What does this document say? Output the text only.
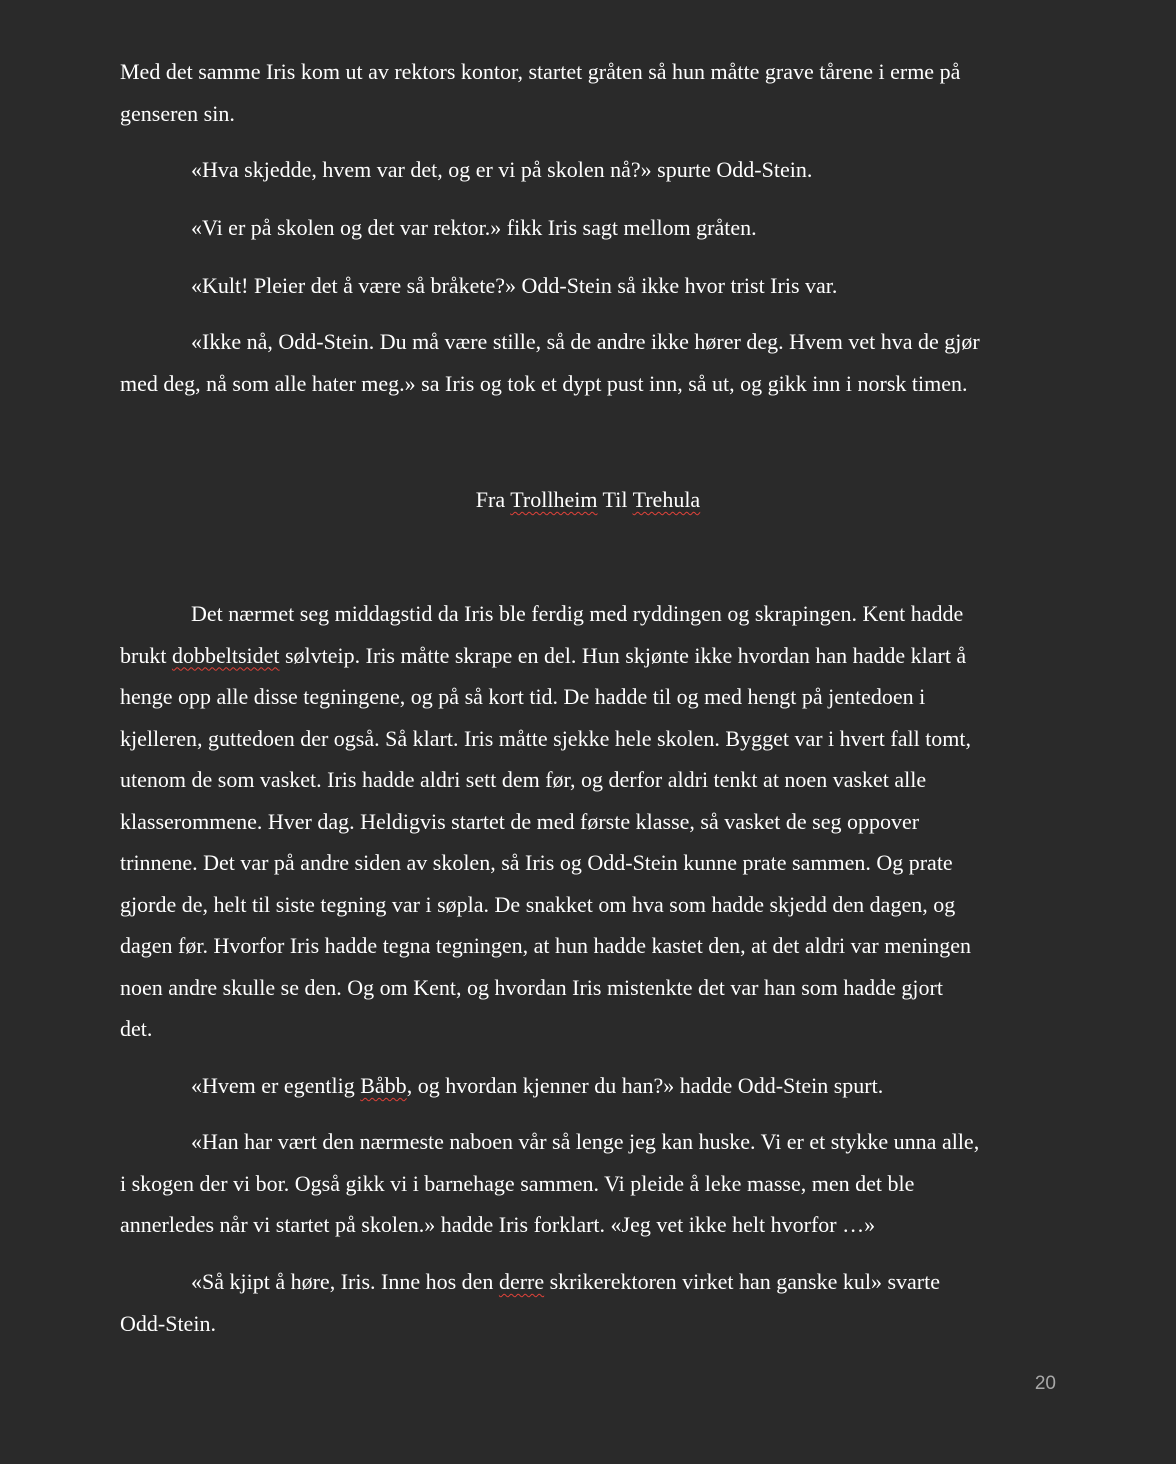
Med det samme Iris kom ut av rektors kontor, startet gråten så hun måtte grave tårene i erme på
genseren sin.

«Hva skjedde, hvem var det, og er vi på skolen nå?» spurte Odd-Stein.

«Vi er på skolen og det var rektor.» fikk Iris sagt mellom gråten.

«Kult! Pleier det å være så bråkete?» Odd-Stein så ikke hvor trist Iris var.

«Ikke nå, Odd-Stein. Du må være stille, så de andre ikke hører deg. Hvem vet hva de gjør
med deg, nå som alle hater meg.» sa Iris og tok et dypt pust inn, så ut, og gikk inn i norsk timen.

Fra Trollheim Til Trehula

Det nærmet seg middagstid da Iris ble ferdig med ryddingen og skrapingen. Kent hadde
brukt dobbeltsidet sølvteip. Iris måtte skrape en del. Hun skjønte ikke hvordan han hadde klart å
henge opp alle disse tegningene, og på så kort tid. De hadde til og med hengt på jentedoen i
kjelleren, guttedoen der også. Så klart. Iris måtte sjekke hele skolen. Bygget var i hvert fall tomt,
utenom de som vasket. Iris hadde aldri sett dem før, og derfor aldri tenkt at noen vasket alle
klasserommene. Hver dag. Heldigvis startet de med første klasse, så vasket de seg oppover
trinnene. Det var på andre siden av skolen, så Iris og Odd-Stein kunne prate sammen. Og prate
gjorde de, helt til siste tegning var i søpla. De snakket om hva som hadde skjedd den dagen, og
dagen før. Hvorfor Iris hadde tegna tegningen, at hun hadde kastet den, at det aldri var meningen
noen andre skulle se den. Og om Kent, og hvordan Iris mistenkte det var han som hadde gjort
det.

«Hvem er egentlig Båbb, og hvordan kjenner du han?» hadde Odd-Stein spurt.

«Han har vært den nærmeste naboen vår så lenge jeg kan huske. Vi er et stykke unna alle,
i skogen der vi bor. Også gikk vi i barnehage sammen. Vi pleide å leke masse, men det ble
annerledes når vi startet på skolen.» hadde Iris forklart. «Jeg vet ikke helt hvorfor …»

«Så kjipt å høre, Iris. Inne hos den derre skrikerektoren virket han ganske kul» svarte
Odd-Stein.

20
